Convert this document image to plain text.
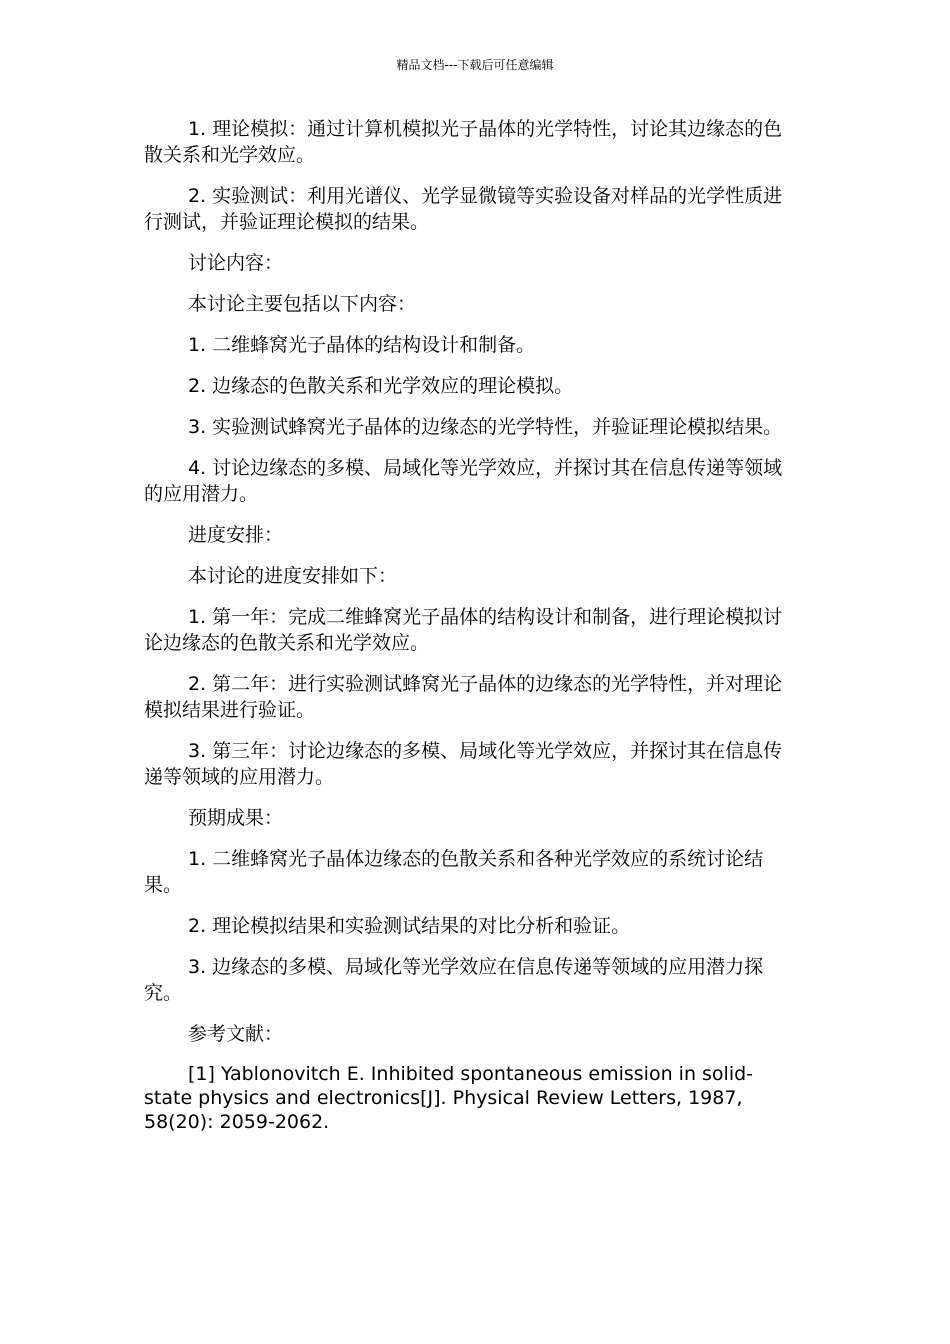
精品文档---下载后可任意编辑

1. 理论模拟：通过计算机模拟光子晶体的光学特性，讨论其边缘态的色散关系和光学效应。

2. 实验测试：利用光谱仪、光学显微镜等实验设备对样品的光学性质进行测试，并验证理论模拟的结果。

讨论内容：

本讨论主要包括以下内容：

1. 二维蜂窝光子晶体的结构设计和制备。

2. 边缘态的色散关系和光学效应的理论模拟。

3. 实验测试蜂窝光子晶体的边缘态的光学特性，并验证理论模拟结果。

4. 讨论边缘态的多模、局域化等光学效应，并探讨其在信息传递等领域的应用潜力。

进度安排：

本讨论的进度安排如下：

1. 第一年：完成二维蜂窝光子晶体的结构设计和制备，进行理论模拟讨论边缘态的色散关系和光学效应。

2. 第二年：进行实验测试蜂窝光子晶体的边缘态的光学特性，并对理论模拟结果进行验证。

3. 第三年：讨论边缘态的多模、局域化等光学效应，并探讨其在信息传递等领域的应用潜力。

预期成果：

1. 二维蜂窝光子晶体边缘态的色散关系和各种光学效应的系统讨论结果。

2. 理论模拟结果和实验测试结果的对比分析和验证。

3. 边缘态的多模、局域化等光学效应在信息传递等领域的应用潜力探究。

参考文献：

[1] Yablonovitch E. Inhibited spontaneous emission in solid-state physics and electronics[J]. Physical Review Letters, 1987, 58(20): 2059-2062.
